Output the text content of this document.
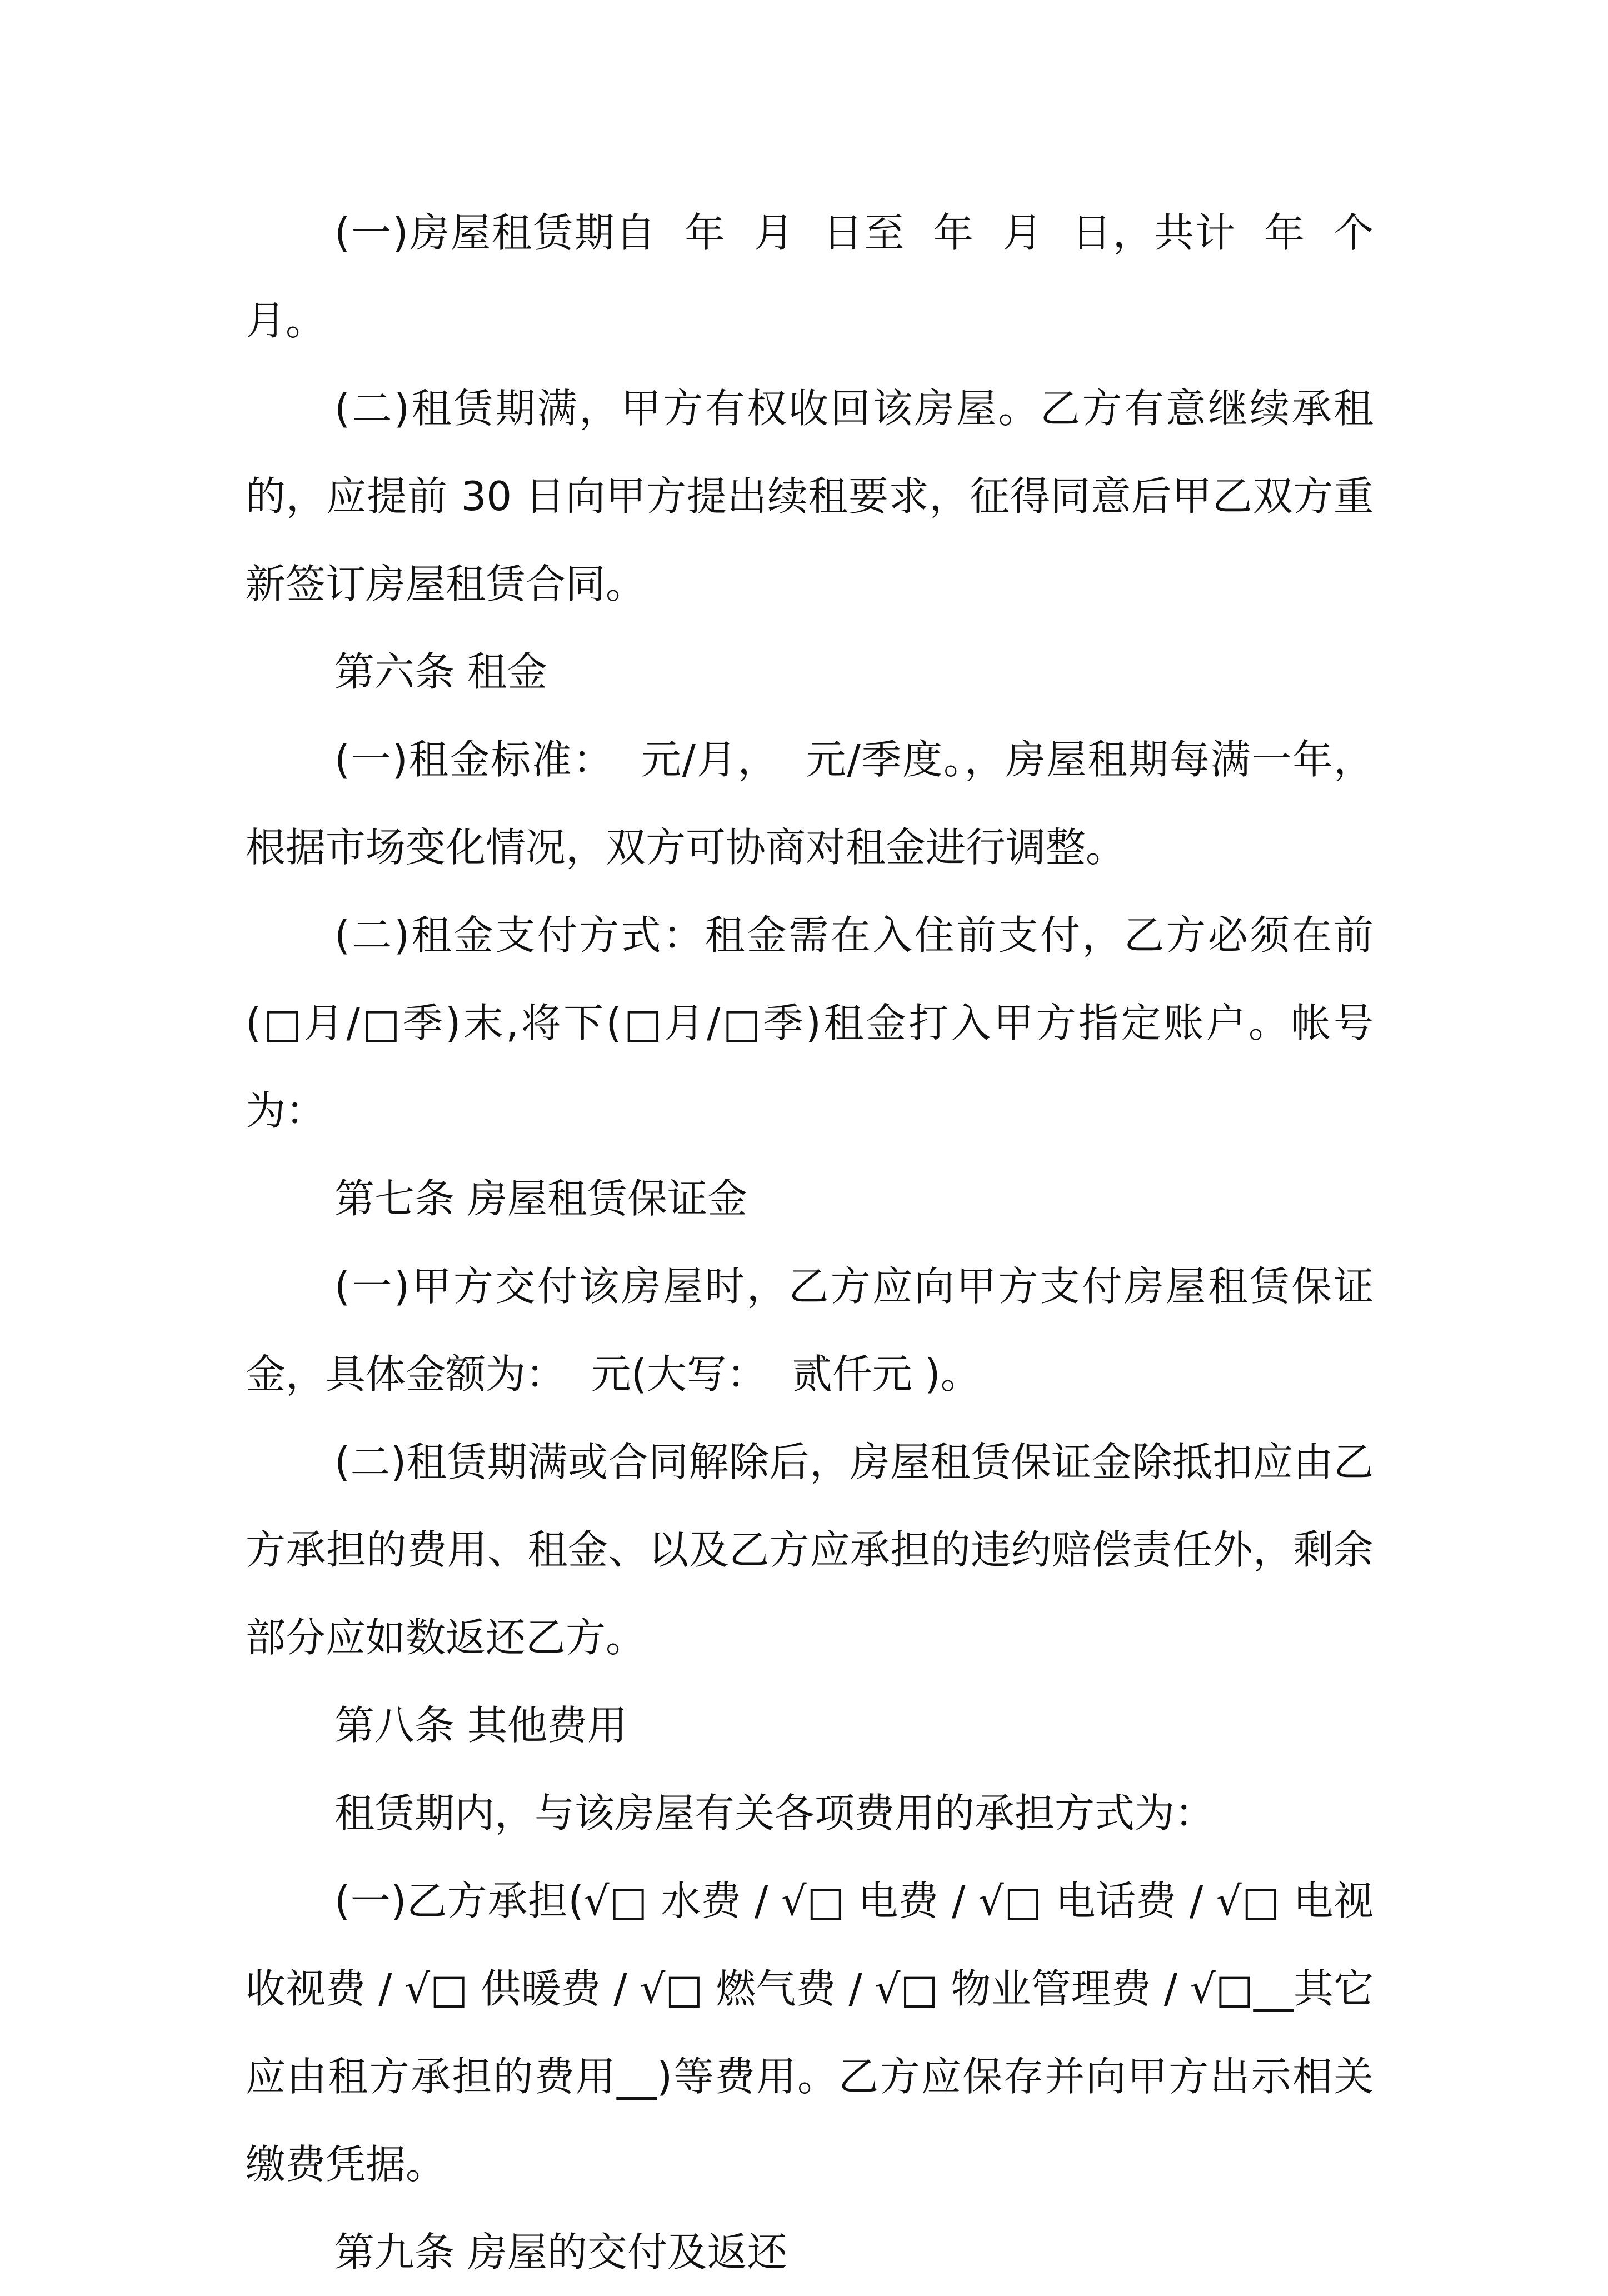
(一)房屋租赁期自  年  月  日至  年  月  日，共计  年  个月。

(二)租赁期满，甲方有权收回该房屋。乙方有意继续承租的，应提前 30 日向甲方提出续租要求，征得同意后甲乙双方重新签订房屋租赁合同。

第六条 租金

(一)租金标准：  元/月，  元/季度。，房屋租期每满一年，根据市场变化情况，双方可协商对租金进行调整。

(二)租金支付方式：租金需在入住前支付，乙方必须在前(□月/□季)末,将下(□月/□季)租金打入甲方指定账户。帐号为：

第七条 房屋租赁保证金

(一)甲方交付该房屋时，乙方应向甲方支付房屋租赁保证金，具体金额为：  元(大写：  贰仟元 )。

(二)租赁期满或合同解除后，房屋租赁保证金除抵扣应由乙方承担的费用、租金、以及乙方应承担的违约赔偿责任外，剩余部分应如数返还乙方。

第八条 其他费用

租赁期内，与该房屋有关各项费用的承担方式为：

(一)乙方承担(√□ 水费 / √□ 电费 / √□ 电话费 / √□ 电视收视费 / √□ 供暖费 / √□ 燃气费 / √□ 物业管理费 / √□__其它应由租方承担的费用__)等费用。乙方应保存并向甲方出示相关缴费凭据。

第九条 房屋的交付及返还
